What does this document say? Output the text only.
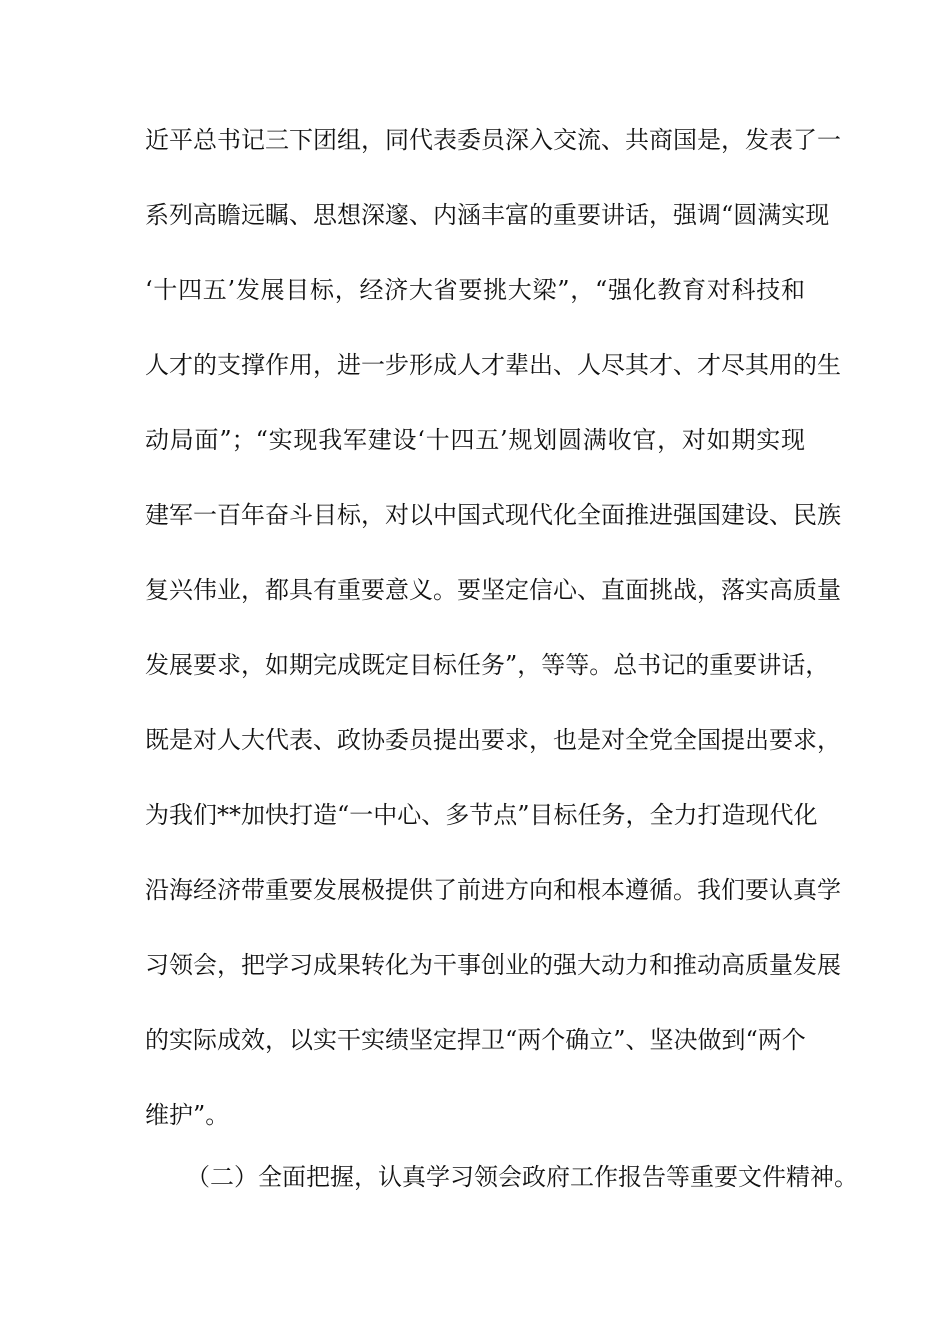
近平总书记三下团组，同代表委员深入交流、共商国是，发表了一
系列高瞻远瞩、思想深邃、内涵丰富的重要讲话，强调“圆满实现
‘十四五’发展目标，经济大省要挑大梁”，“强化教育对科技和
人才的支撑作用，进一步形成人才辈出、人尽其才、才尽其用的生
动局面”；“实现我军建设‘十四五’规划圆满收官，对如期实现
建军一百年奋斗目标，对以中国式现代化全面推进强国建设、民族
复兴伟业，都具有重要意义。要坚定信心、直面挑战，落实高质量
发展要求，如期完成既定目标任务”，等等。总书记的重要讲话，
既是对人大代表、政协委员提出要求，也是对全党全国提出要求，
为我们**加快打造“一中心、多节点”目标任务，全力打造现代化
沿海经济带重要发展极提供了前进方向和根本遵循。我们要认真学
习领会，把学习成果转化为干事创业的强大动力和推动高质量发展
的实际成效，以实干实绩坚定捍卫“两个确立”、坚决做到“两个
维护”。
（二）全面把握，认真学习领会政府工作报告等重要文件精神。
